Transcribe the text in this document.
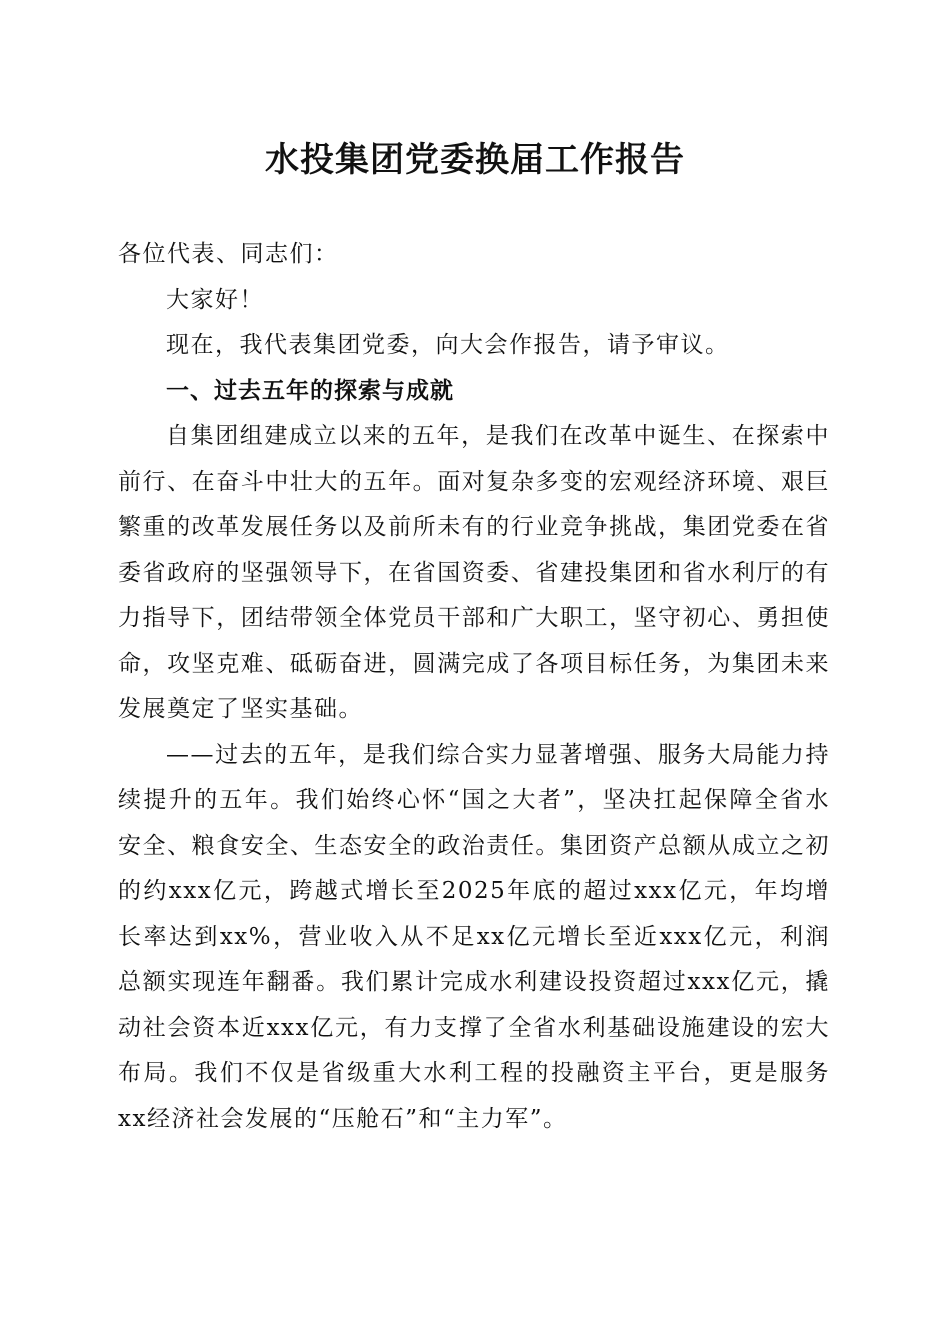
水投集团党委换届工作报告

各位代表、同志们：

大家好！

现在，我代表集团党委，向大会作报告，请予审议。

一、过去五年的探索与成就

自集团组建成立以来的五年，是我们在改革中诞生、在探索中前行、在奋斗中壮大的五年。面对复杂多变的宏观经济环境、艰巨繁重的改革发展任务以及前所未有的行业竞争挑战，集团党委在省委省政府的坚强领导下，在省国资委、省建投集团和省水利厅的有力指导下，团结带领全体党员干部和广大职工，坚守初心、勇担使命，攻坚克难、砥砺奋进，圆满完成了各项目标任务，为集团未来发展奠定了坚实基础。

——过去的五年，是我们综合实力显著增强、服务大局能力持续提升的五年。我们始终心怀“国之大者”，坚决扛起保障全省水安全、粮食安全、生态安全的政治责任。集团资产总额从成立之初的约xxx亿元，跨越式增长至2025年底的超过xxx亿元，年均增长率达到xx%，营业收入从不足xx亿元增长至近xxx亿元，利润总额实现连年翻番。我们累计完成水利建设投资超过xxx亿元，撬动社会资本近xxx亿元，有力支撑了全省水利基础设施建设的宏大布局。我们不仅是省级重大水利工程的投融资主平台，更是服务xx经济社会发展的“压舱石”和“主力军”。
